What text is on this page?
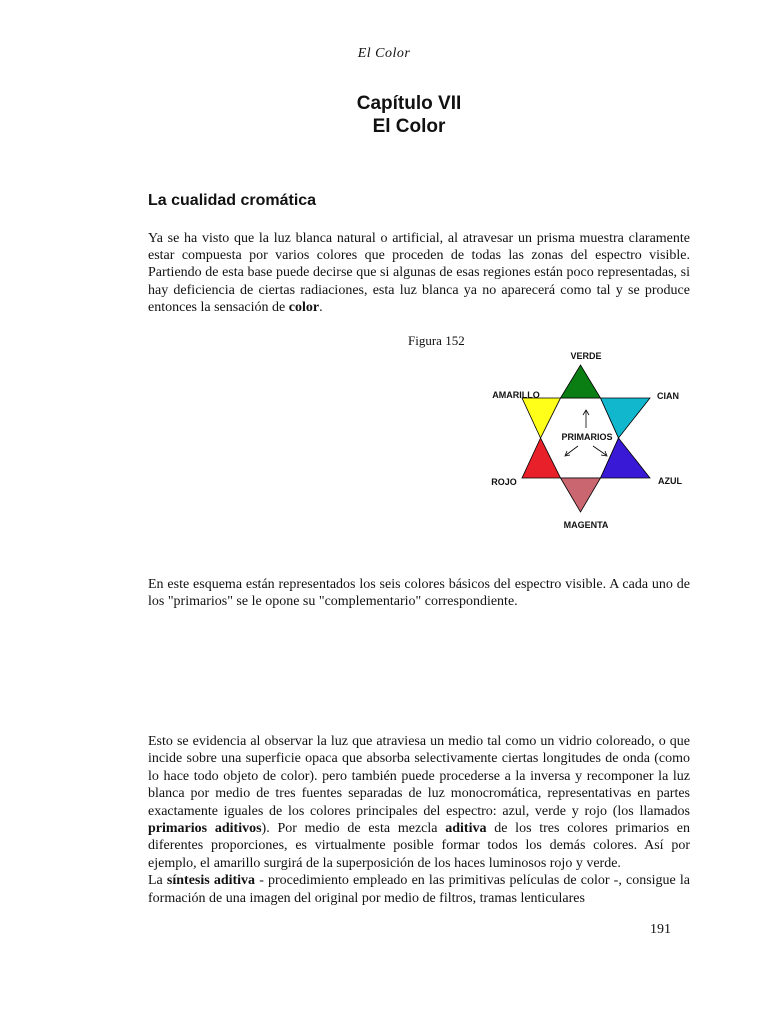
El Color
Capítulo VII
El Color
La cualidad cromática

Ya se ha visto que la luz blanca natural o artificial, al atravesar un prisma muestra claramente estar compuesta por varios colores que proceden de todas las zonas del espectro visible. Partiendo de esta base puede decirse que si algunas de esas regiones están poco representadas, si hay deficiencia de ciertas radiaciones, esta luz blanca ya no aparecerá como tal y se produce entonces la sensación de color.

Figura 152
PRIMARIOS
VERDE
AMARILLO	CIAN
ROJO	AZUL
MAGENTA

En este esquema están representados los seis colores básicos del espectro visible. A cada uno de los "primarios" se le opone su "complementario" correspondiente.

Esto se evidencia al observar la luz que atraviesa un medio tal como un vidrio coloreado, o que incide sobre una superficie opaca que absorba selectivamente ciertas longitudes de onda (como lo hace todo objeto de color). pero también puede procederse a la inversa y recomponer la luz blanca por medio de tres fuentes separadas de luz monocromática, representativas en partes exactamente iguales de los colores principales del espectro: azul, verde y rojo (los llamados primarios aditivos). Por medio de esta mezcla aditiva de los tres colores primarios en diferentes proporciones, es virtualmente posible formar todos los demás colores. Así por ejemplo, el amarillo surgirá de la superposición de los haces luminosos rojo y verde.
La síntesis aditiva - procedimiento empleado en las primitivas películas de color -, consigue la formación de una imagen del original por medio de filtros, tramas lenticulares

191
